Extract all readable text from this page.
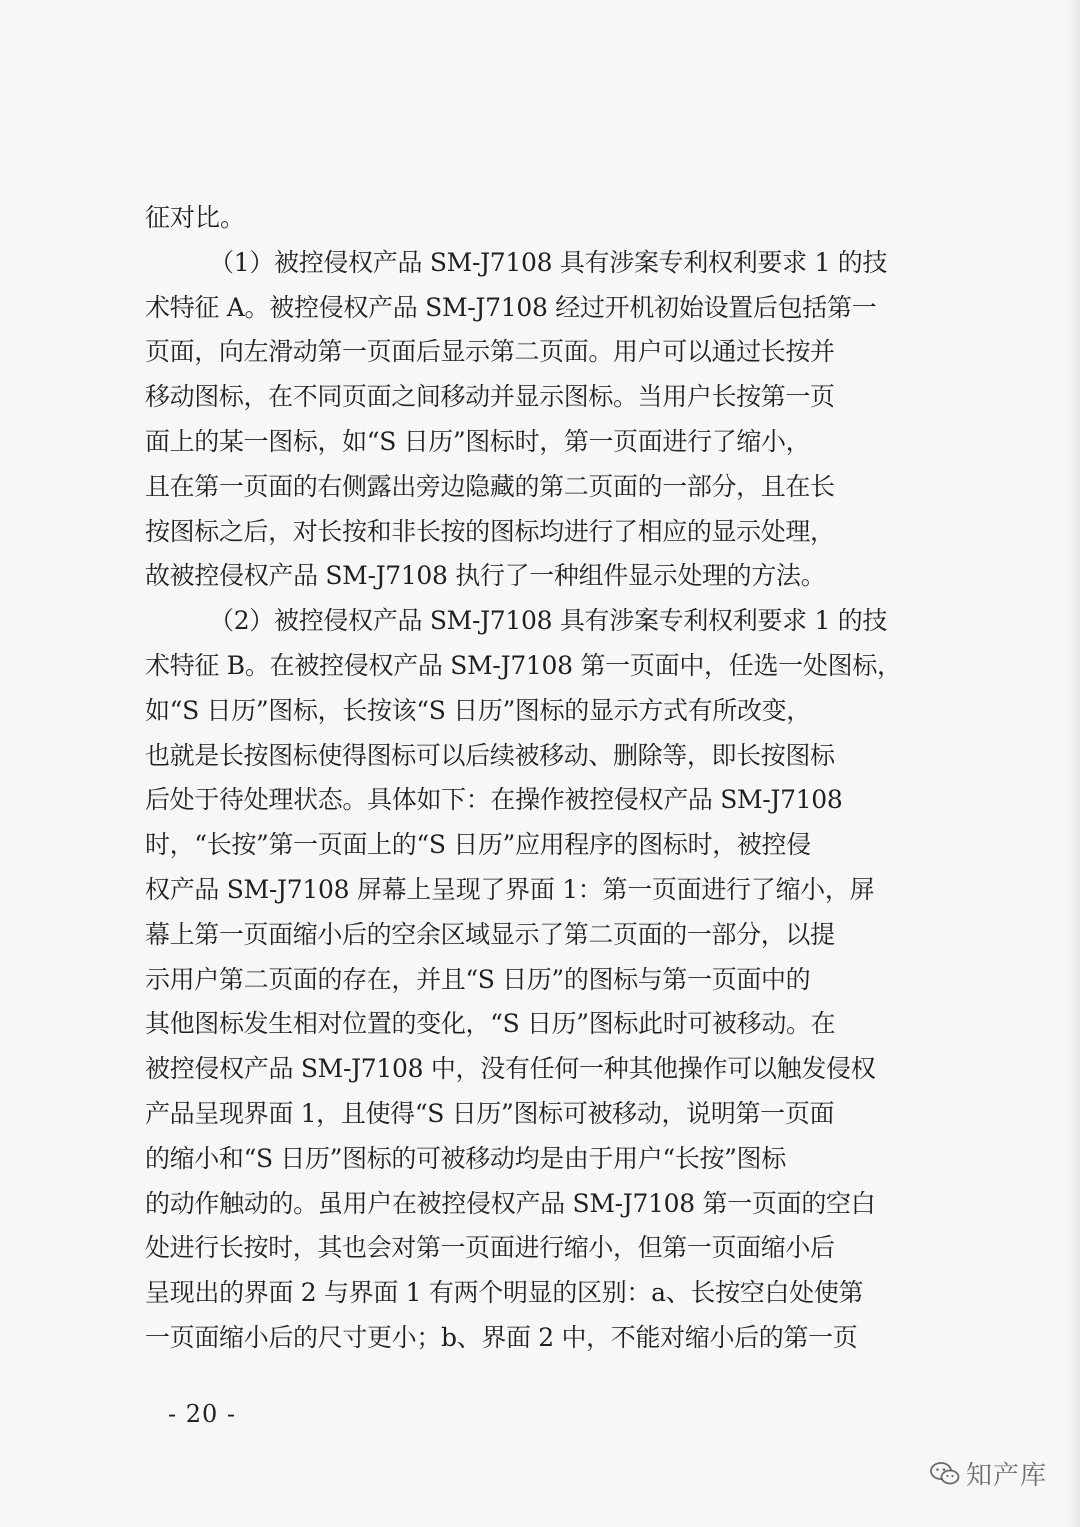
征对比。
（1）被控侵权产品 SM-J7108 具有涉案专利权利要求 1 的技
术特征 A。被控侵权产品 SM-J7108 经过开机初始设置后包括第一
页面，向左滑动第一页面后显示第二页面。用户可以通过长按并
移动图标，在不同页面之间移动并显示图标。当用户长按第一页
面上的某一图标，如“S 日历”图标时，第一页面进行了缩小，
且在第一页面的右侧露出旁边隐藏的第二页面的一部分，且在长
按图标之后，对长按和非长按的图标均进行了相应的显示处理，
故被控侵权产品 SM-J7108 执行了一种组件显示处理的方法。
（2）被控侵权产品 SM-J7108 具有涉案专利权利要求 1 的技
术特征 B。在被控侵权产品 SM-J7108 第一页面中，任选一处图标，
如“S 日历”图标，长按该“S 日历”图标的显示方式有所改变，
也就是长按图标使得图标可以后续被移动、删除等，即长按图标
后处于待处理状态。具体如下：在操作被控侵权产品 SM-J7108
时，“长按”第一页面上的“S 日历”应用程序的图标时，被控侵
权产品 SM-J7108 屏幕上呈现了界面 1：第一页面进行了缩小，屏
幕上第一页面缩小后的空余区域显示了第二页面的一部分，以提
示用户第二页面的存在，并且“S 日历”的图标与第一页面中的
其他图标发生相对位置的变化，“S 日历”图标此时可被移动。在
被控侵权产品 SM-J7108 中，没有任何一种其他操作可以触发侵权
产品呈现界面 1，且使得“S 日历”图标可被移动，说明第一页面
的缩小和“S 日历”图标的可被移动均是由于用户“长按”图标
的动作触动的。虽用户在被控侵权产品 SM-J7108 第一页面的空白
处进行长按时，其也会对第一页面进行缩小，但第一页面缩小后
呈现出的界面 2 与界面 1 有两个明显的区别：a、长按空白处使第
一页面缩小后的尺寸更小；b、界面 2 中，不能对缩小后的第一页
- 20 -
知产库
